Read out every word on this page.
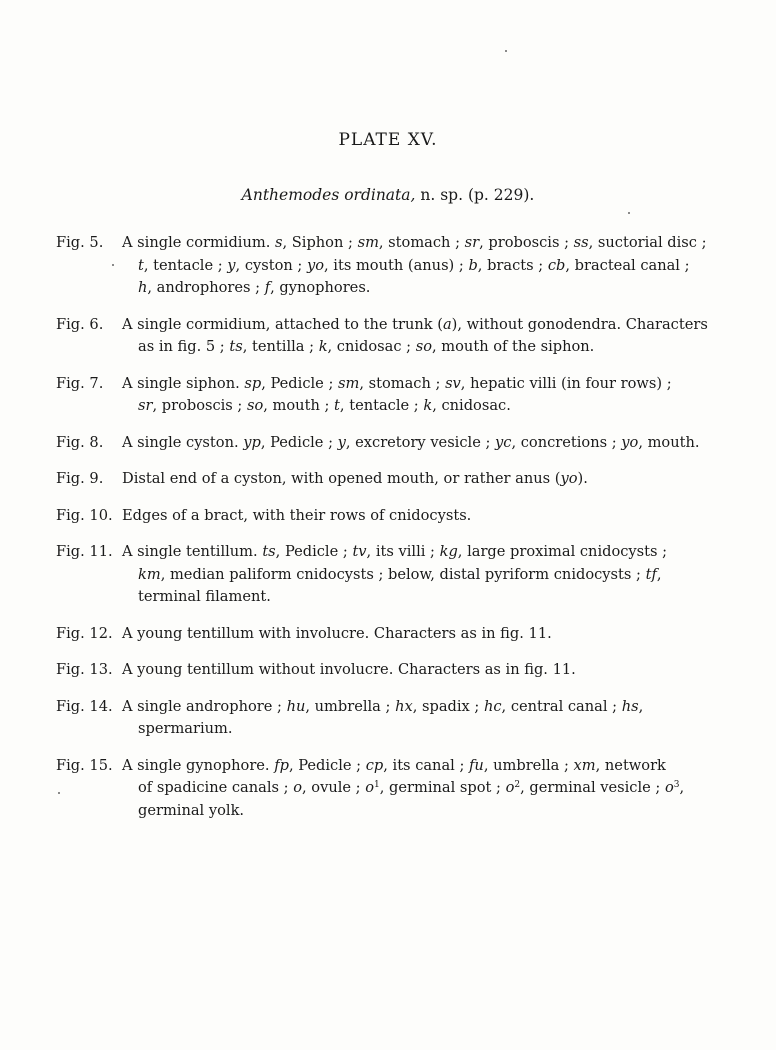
PLATE XV.
Anthemodes ordinata, n. sp. (p. 229).
Fig. 5.	A single cormidium. s, Siphon ; sm, stomach ; sr, proboscis ; ss, suctorial disc ;
t, tentacle ; y, cyston ; yo, its mouth (anus) ; b, bracts ; cb, bracteal canal ;
h, androphores ; f, gynophores.
Fig. 6.	A single cormidium, attached to the trunk (a), without gonodendra. Characters
as in fig. 5 ; ts, tentilla ; k, cnidosac ; so, mouth of the siphon.
Fig. 7.	A single siphon. sp, Pedicle ; sm, stomach ; sv, hepatic villi (in four rows) ;
sr, proboscis ; so, mouth ; t, tentacle ; k, cnidosac.
Fig. 8.	A single cyston. yp, Pedicle ; y, excretory vesicle ; yc, concretions ; yo, mouth.
Fig. 9.	Distal end of a cyston, with opened mouth, or rather anus (yo).
Fig. 10. Edges of a bract, with their rows of cnidocysts.
Fig. 11. A single tentillum. ts, Pedicle ; tv, its villi ; kg, large proximal cnidocysts ;
km, median paliform cnidocysts ; below, distal pyriform cnidocysts ; tf,
terminal filament.
Fig. 12. A young tentillum with involucre. Characters as in fig. 11.
Fig. 13. A young tentillum without involucre. Characters as in fig. 11.
Fig. 14. A single androphore ; hu, umbrella ; hx, spadix ; hc, central canal ; hs,
spermarium.
Fig. 15. A single gynophore. fp, Pedicle ; cp, its canal ; fu, umbrella ; xm, network
of spadicine canals ; o, ovule ; $o^1$, germinal spot ; $o^2$, germinal vesicle ; $o^3$,
germinal yolk.
